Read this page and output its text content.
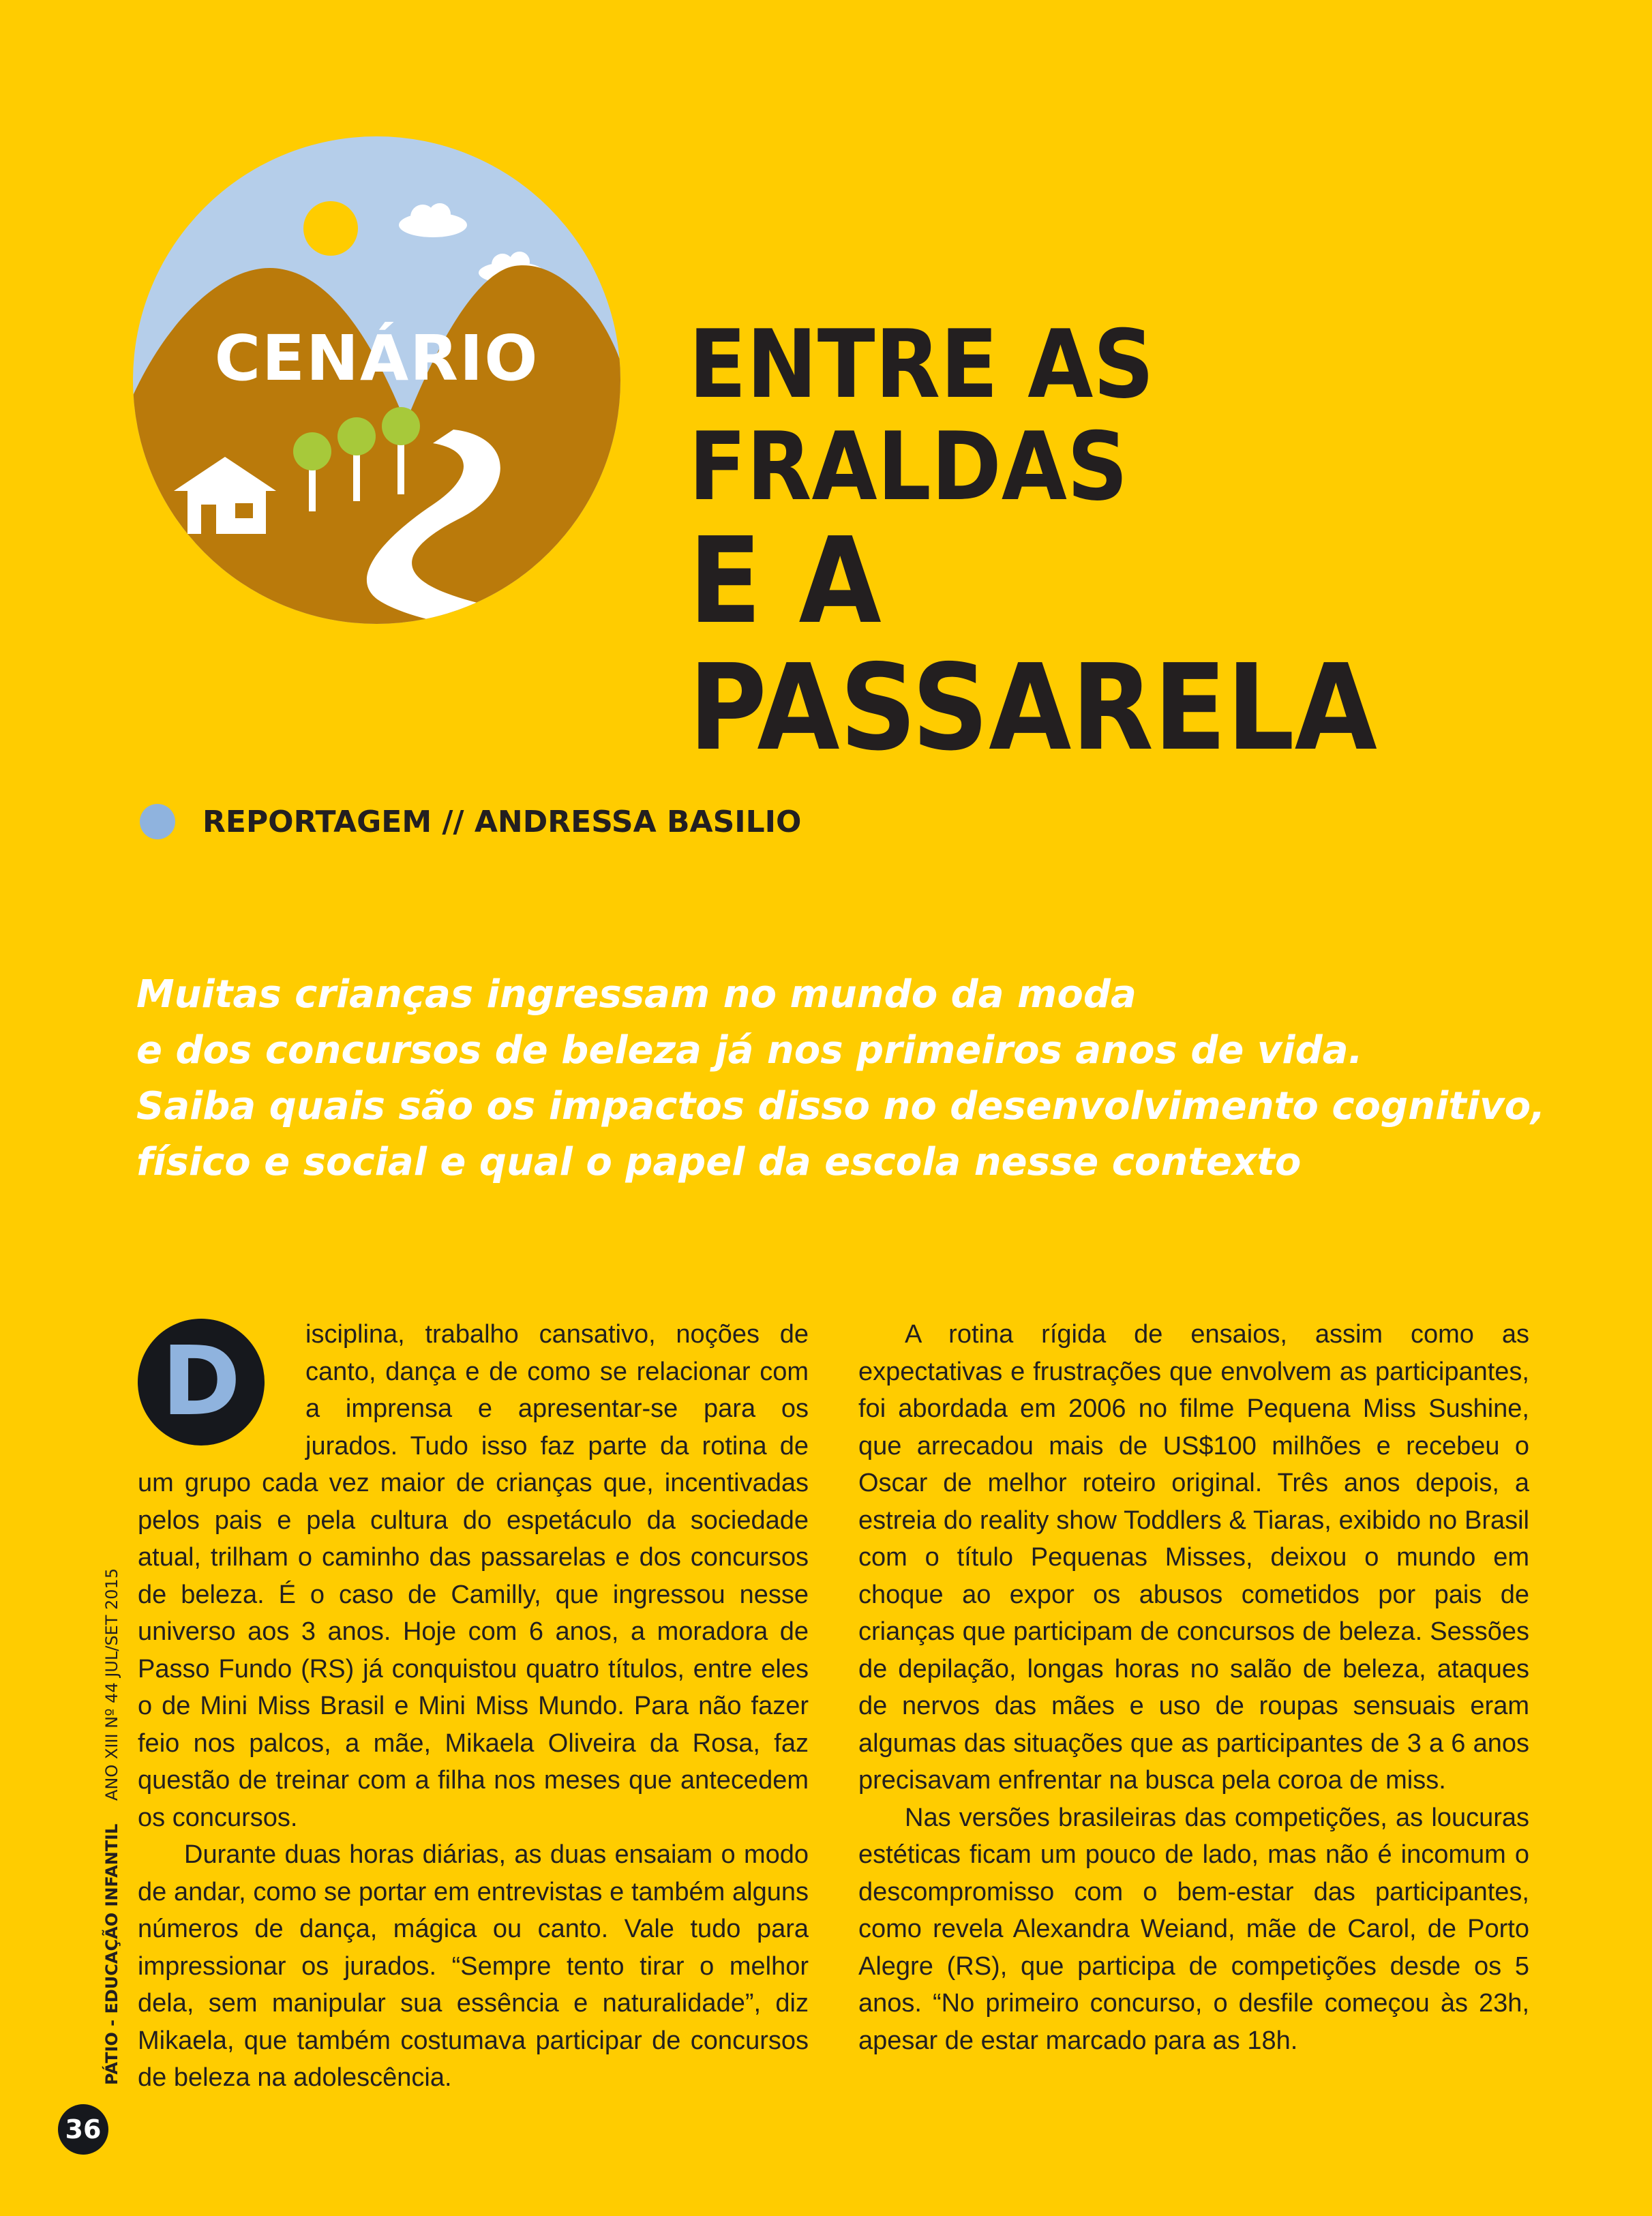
CENÁRIO	ENTRE AS FRALDAS
E A PASSARELA
REPORTAGEM // ANDRESSA BASILIO
Muitas crianças ingressam no mundo da moda
e dos concursos de beleza já nos primeiros anos de vida.
Saiba quais são os impactos disso no desenvolvimento cognitivo,
físico e social e qual o papel da escola nesse contexto
D	isciplina, trabalho cansativo, noções de canto, dança e de como se relacionar com a imprensa e apresentar-se para os jurados. Tudo isso faz parte da rotina de um grupo cada vez maior de crianças que, incentivadas pelos pais e pela cultura do espetáculo da sociedade atual, trilham o caminho das passarelas e dos concursos de beleza. É o caso de Camilly, que ingressou nesse universo aos 3 anos. Hoje com 6 anos, a moradora de Passo Fundo (RS) já conquistou quatro títulos, entre eles o de Mini Miss Brasil e Mini Miss Mundo. Para não fazer feio nos palcos, a mãe, Mikaela Oliveira da Rosa, faz questão de treinar com a filha nos meses que antecedem os concursos.

Durante duas horas diárias, as duas ensaiam o modo de andar, como se portar em entrevistas e também alguns números de dança, mágica ou canto. Vale tudo para impressionar os jurados. “Sempre tento tirar o melhor dela, sem manipular sua essência e naturalidade”, diz Mikaela, que também costumava participar de concursos de beleza na adolescência.

A rotina rígida de ensaios, assim como as expectativas e frustrações que envolvem as participantes, foi abordada em 2006 no filme Pequena Miss Sushine, que arrecadou mais de US$100 milhões e recebeu o Oscar de melhor roteiro original. Três anos depois, a estreia do reality show Toddlers & Tiaras, exibido no Brasil com o título Pequenas Misses, deixou o mundo em choque ao expor os abusos cometidos por pais de crianças que participam de concursos de beleza. Sessões de depilação, longas horas no salão de beleza, ataques de nervos das mães e uso de roupas sensuais eram algumas das situações que as participantes de 3 a 6 anos precisavam enfrentar na busca pela coroa de miss.

Nas versões brasileiras das competições, as loucuras estéticas ficam um pouco de lado, mas não é incomum o descompromisso com o bem-estar das participantes, como revela Alexandra Weiand, mãe de Carol, de Porto Alegre (RS), que participa de competições desde os 5 anos. “No primeiro concurso, o desfile começou às 23h, apesar de estar marcado para as 18h.

PÁTIO - EDUCAÇÃO INFANTIL ANO XIII Nº 44 JUL/SET 2015
36
